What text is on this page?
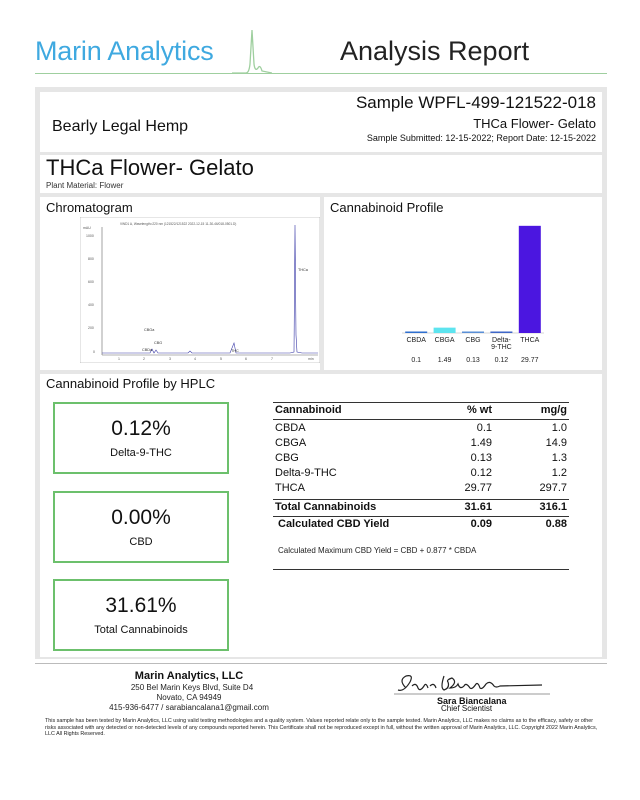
Marin Analytics	Analysis Report
Bearly Legal Hemp
Sample WPFL-499-121522-018
THCa Flower- Gelato
Sample Submitted: 12-15-2022; Report Date: 12-15-2022
THCa Flower- Gelato
Plant Material: Flower
Chromatogram
VWD1 A, Wavelength=220 nm (121522/121522 2022-12-15 11-30-46/018-0501.D)
mAU
1000
800
600
400
200
0
1	2	3	4	5	6	7	min
CBGa
CBDa
CBG
THC
THCa
CBDA
0.1
CBGA
1.49
CBG
0.13
Delta-
9-THC
0.12
THCA
29.77
Cannabinoid Profile
Cannabinoid Profile by HPLC
0.12%
Delta-9-THC
0.00%
CBD
31.61%
Total Cannabinoids
Cannabinoid	% wt	mg/g
CBDA	0.1	1.0
CBGA	1.49	14.9
CBG	0.13	1.3
Delta-9-THC	0.12	1.2
THCA	29.77	297.7
Total Cannabinoids	31.61	316.1
Calculated CBD Yield	0.09	0.88
Calculated Maximum CBD Yield = CBD + 0.877 * CBDA
Marin Analytics, LLC
250 Bel Marin Keys Blvd, Suite D4
Novato, CA 94949
415-936-6477 / sarabiancalana1@gmail.com
Sara Biancalana
Chief Scientist
This sample has been tested by Marin Analytics, LLC using valid testing methodologies and a quality system. Values reported relate only to the sample tested. Marin Analytics, LLC makes no claims as to the efficacy, safety or other risks associated with any detected or non-detected levels of any compounds reported herein. This Certificate shall not be reproduced except in full, without the written approval of Marin Analytics, LLC. Copyright 2022 Marin Analytics, LLC All Rights Reserved.
